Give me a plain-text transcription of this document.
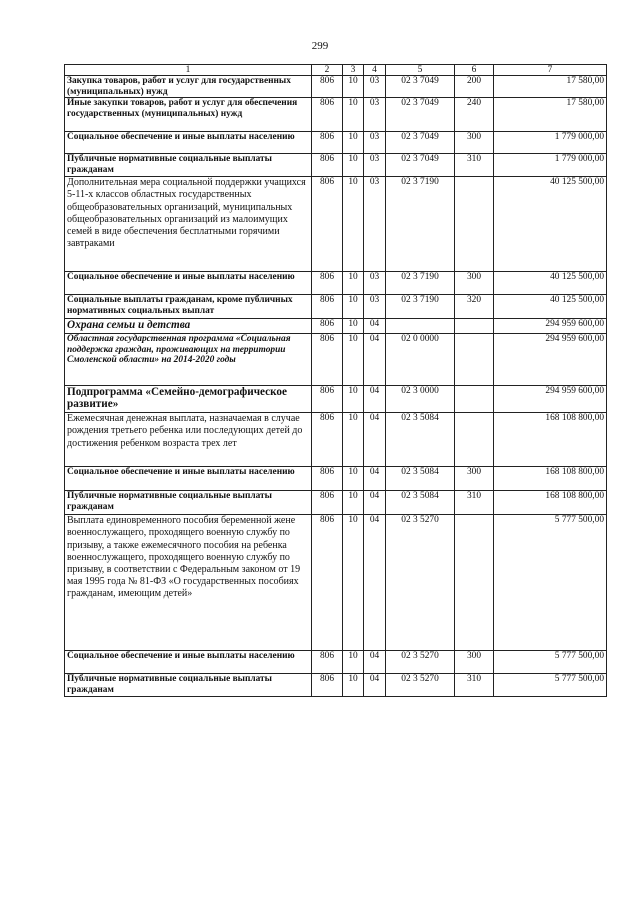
299
1	2	3	4	5	6	7
Закупка товаров, работ и услуг для государственных (муниципальных) нужд	806	10	03	02 3 7049	200	17 580,00
Иные закупки товаров, работ и услуг для обеспечения государственных (муниципальных) нужд	806	10	03	02 3 7049	240	17 580,00
Социальное обеспечение и иные выплаты населению	806	10	03	02 3 7049	300	1 779 000,00
Публичные нормативные социальные выплаты гражданам	806	10	03	02 3 7049	310	1 779 000,00
Дополнительная мера социальной поддержки учащихся 5-11-х классов областных государственных общеобразовательных организаций, муниципальных общеобразовательных организаций из малоимущих семей в виде обеспечения бесплатными горячими завтраками	806	10	03	02 3 7190		40 125 500,00
Социальное обеспечение и иные выплаты населению	806	10	03	02 3 7190	300	40 125 500,00
Социальные выплаты гражданам, кроме публичных нормативных социальных выплат	806	10	03	02 3 7190	320	40 125 500,00
Охрана семьи и детства	806	10	04			294 959 600,00
Областная государственная программа «Социальная поддержка граждан, проживающих на территории Смоленской области» на 2014-2020 годы	806	10	04	02 0 0000		294 959 600,00
Подпрограмма «Семейно-демографическое развитие»	806	10	04	02 3 0000		294 959 600,00
Ежемесячная денежная выплата, назначаемая в случае рождения третьего ребенка или последующих детей до достижения ребенком возраста трех лет	806	10	04	02 3 5084		168 108 800,00
Социальное обеспечение и иные выплаты населению	806	10	04	02 3 5084	300	168 108 800,00
Публичные нормативные социальные выплаты гражданам	806	10	04	02 3 5084	310	168 108 800,00
Выплата единовременного пособия беременной жене военнослужащего, проходящего военную службу по призыву, а также ежемесячного пособия на ребенка военнослужащего, проходящего военную службу по призыву, в соответствии с Федеральным законом от 19 мая 1995 года № 81-ФЗ «О государственных пособиях гражданам, имеющим детей»	806	10	04	02 3 5270		5 777 500,00
Социальное обеспечение и иные выплаты населению	806	10	04	02 3 5270	300	5 777 500,00
Публичные нормативные социальные выплаты гражданам	806	10	04	02 3 5270	310	5 777 500,00
